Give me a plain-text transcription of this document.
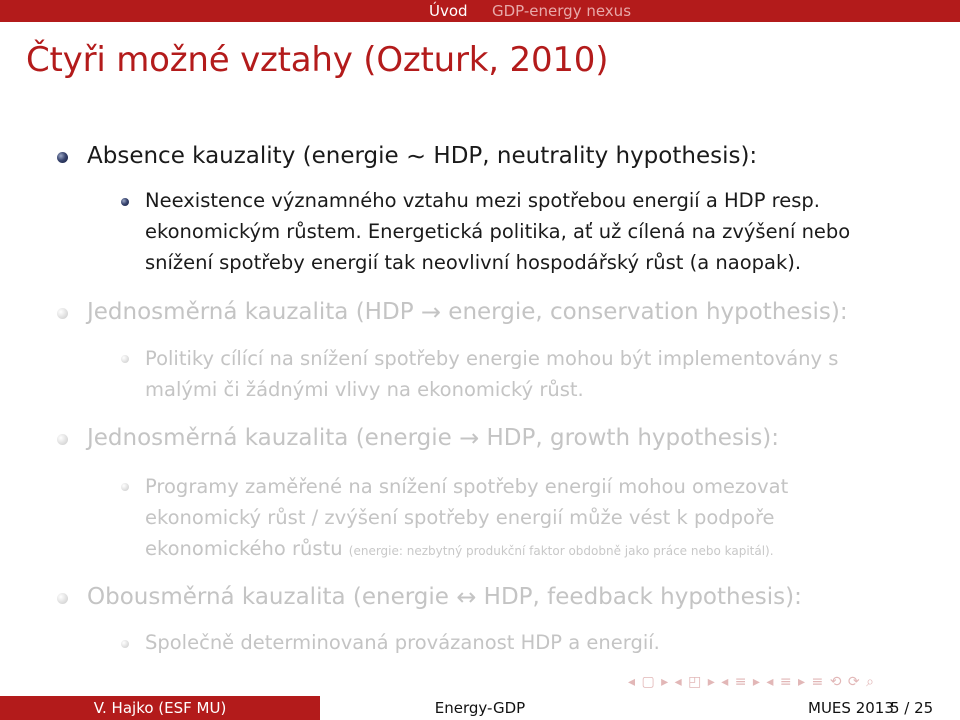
Úvod	GDP-energy nexus
Čtyři možné vztahy (Ozturk, 2010)
Absence kauzality (energie ∼ HDP, neutrality hypothesis):
Neexistence významného vztahu mezi spotřebou energií a HDP resp.
ekonomickým růstem. Energetická politika, ať už cílená na zvýšení nebo
snížení spotřeby energií tak neovlivní hospodářský růst (a naopak).
Jednosměrná kauzalita (HDP → energie, conservation hypothesis):
Politiky cílící na snížení spotřeby energie mohou být implementovány s
malými či žádnými vlivy na ekonomický růst.
Jednosměrná kauzalita (energie → HDP, growth hypothesis):
Programy zaměřené na snížení spotřeby energií mohou omezovat
ekonomický růst / zvýšení spotřeby energií může vést k podpoře
ekonomického růstu (energie: nezbytný produkční faktor obdobně jako práce nebo kapitál).
Obousměrná kauzalita (energie ↔ HDP, feedback hypothesis):
Společně determinovaná provázanost HDP a energií.
◂ ▢ ▸ ◂ ◰ ▸ ◂ ≡ ▸ ◂ ≡ ▸ ≡ ⟲ ⟳ ⌕
V. Hajko (ESF MU)	Energy-GDP	MUES 2013
5 / 25
